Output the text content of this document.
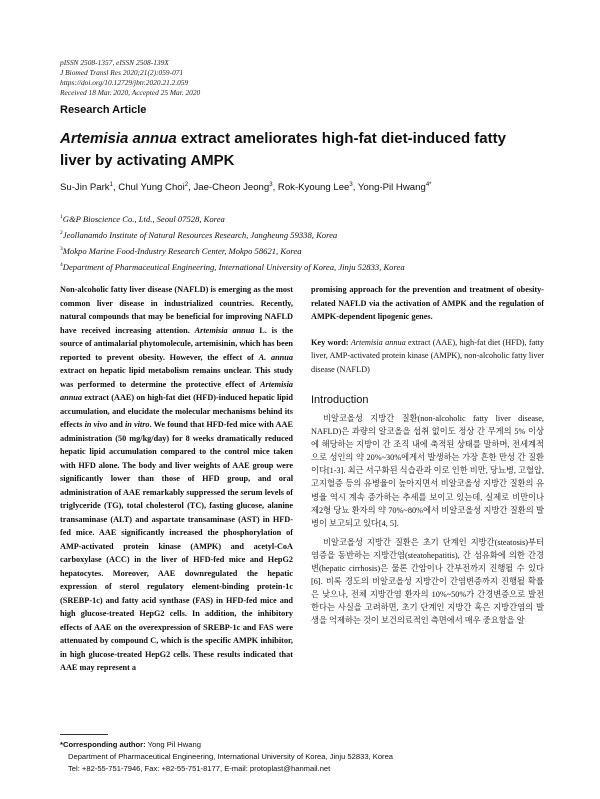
pISSN 2508-1357, eISSN 2508-139X
J Biomed Transl Res 2020;21(2):059-071
https://doi.org/10.12729/jbtr.2020.21.2.059
Received 18 Mar. 2020, Accepted 25 Mar. 2020
Research Article
Artemisia annua extract ameliorates high-fat diet-induced fatty liver by activating AMPK
Su-Jin Park$^1$, Chul Yung Choi$^2$, Jae-Cheon Jeong$^3$, Rok-Kyoung Lee$^3$, Yong-Pil Hwang$^{4*}$
$^1$G&P Bioscience Co., Ltd., Seoul 07528, Korea
$^2$Jeollanamdo Institute of Natural Resources Research, Jangheung 59338, Korea
$^3$Mokpo Marine Food-Industry Research Center, Mokpo 58621, Korea
$^4$Department of Pharmaceutical Engineering, International University of Korea, Jinju 52833, Korea

Non-alcoholic fatty liver disease (NAFLD) is emerging as the most common liver disease in industrialized countries. Recently, natural compounds that may be beneficial for improving NAFLD have received increasing attention. Artemisia annua L. is the source of antimalarial phytomolecule, artemisinin, which has been reported to prevent obesity. However, the effect of A. annua extract on hepatic lipid metabolism remains unclear. This study was performed to determine the protective effect of Artemisia annua extract (AAE) on high-fat diet (HFD)-induced hepatic lipid accumulation, and elucidate the molecular mechanisms behind its effects in vivo and in vitro. We found that HFD-fed mice with AAE administration (50 mg/kg/day) for 8 weeks dramatically reduced hepatic lipid accumulation compared to the control mice taken with HFD alone. The body and liver weights of AAE group were significantly lower than those of HFD group, and oral administration of AAE remarkably suppressed the serum levels of triglyceride (TG), total cholesterol (TC), fasting glucose, alanine transaminase (ALT) and aspartate transaminase (AST) in HFD-fed mice. AAE significantly increased the phosphorylation of AMP-activated protein kinase (AMPK) and acetyl-CoA carboxylase (ACC) in the liver of HFD-fed mice and HepG2 hepatocytes. Moreover, AAE downregulated the hepatic expression of sterol regulatory element-binding protein-1c (SREBP-1c) and fatty acid synthase (FAS) in HFD-fed mice and high glucose-treated HepG2 cells. In addition, the inhibitory effects of AAE on the overexpression of SREBP-1c and FAS were attenuated by compound C, which is the specific AMPK inhibitor, in high glucose-treated HepG2 cells. These results indicated that AAE may represent a

promising approach for the prevention and treatment of obesity-related NAFLD via the activation of AMPK and the regulation of AMPK-dependent lipogenic genes.

Key word: Artemisia annua extract (AAE), high-fat diet (HFD), fatty liver, AMP-activated protein kinase (AMPK), non-alcoholic fatty liver disease (NAFLD)
Introduction

비알코올성 지방간 질환(non-alcoholic fatty liver disease, NAFLD)은 과량의 알코올을 섭취 없이도 정상 간 무게의 5% 이상에 해당하는 지방이 간 조직 내에 축적된 상태를 말하며, 전세계적으로 성인의 약 20%~30%에게서 발생하는 가장 흔한 만성 간 질환이다[1-3]. 최근 서구화된 식습관과 이로 인한 비만, 당뇨병, 고혈압, 고지혈증 등의 유병율이 높아지면서 비알코올성 지방간 질환의 유병율 역시 계속 증가하는 추세를 보이고 있는데, 실제로 비만이나 제2형 당뇨 환자의 약 70%~80%에서 비알코올성 지방간 질환의 발병이 보고되고 있다[4, 5].

비알코올성 지방간 질환은 초기 단계인 지방간(steatosis)부터 염증을 동반하는 지방간염(steatohepatitis), 간 섬유화에 의한 간경변(hepatic cirrhosis)은 물론 간암이나 간부전까지 진행될 수 있다[6]. 비록 경도의 비알코올성 지방간이 간염변증까지 진행될 확률은 낮으나, 전체 지방간염 환자의 10%~50%가 간경변증으로 발전한다는 사실을 고려하면, 초기 단계인 지방간 혹은 지방간염의 발생을 억제하는 것이 보건의료적인 측면에서 매우 중요함을 알

*Corresponding author: Yong Pil Hwang
Department of Pharmaceutical Engineering, International University of Korea, Jinju 52833, Korea
Tel: +82-55-751-7946, Fax: +82-55-751-8177, E-mail: protoplast@hanmail.net
